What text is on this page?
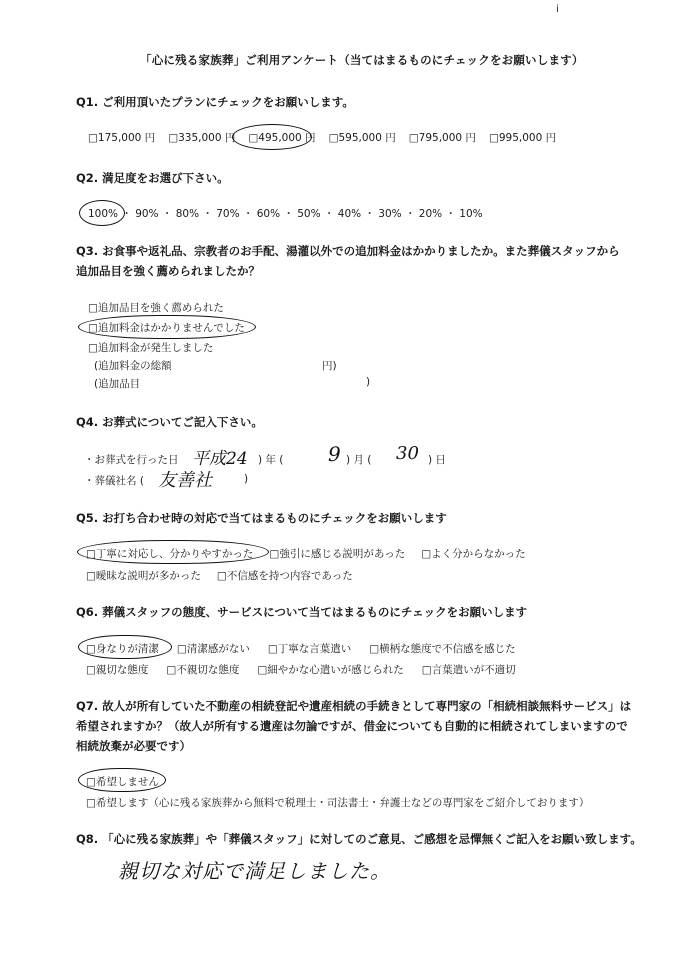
i
「心に残る家族葬」ご利用アンケート（当てはまるものにチェックをお願いします）
Q1. ご利用頂いたプランにチェックをお願いします。
□175,000 円 □335,000 円 □495,000 円 □595,000 円 □795,000 円 □995,000 円
Q2. 満足度をお選び下さい。
100% ・ 90% ・ 80% ・ 70% ・ 60% ・ 50% ・ 40% ・ 30% ・ 20% ・ 10%
Q3. お食事や返礼品、宗教者のお手配、湯灌以外での追加料金はかかりましたか。また葬儀スタッフから
追加品目を強く薦められましたか？
□追加品目を強く薦められた
□追加料金はかかりませんでした
□追加料金が発生しました
(追加料金の総額	円)
(追加品目	)
Q4. お葬式についてご記入下さい。
・お葬式を行った日 平成24 ) 年 ( 9 ) 月 ( 30 ) 日
・葬儀社名 ( 友善社	)
Q5. お打ち合わせ時の対応で当てはまるものにチェックをお願いします
□丁寧に対応し、分かりやすかった □強引に感じる説明があった □よく分からなかった
□曖昧な説明が多かった □不信感を持つ内容であった
Q6. 葬儀スタッフの態度、サービスについて当てはまるものにチェックをお願いします
□身なりが清潔 □清潔感がない □丁寧な言葉遣い □横柄な態度で不信感を感じた
□親切な態度 □不親切な態度 □細やかな心遣いが感じられた □言葉遣いが不適切
Q7. 故人が所有していた不動産の相続登記や遺産相続の手続きとして専門家の「相続相談無料サービス」は
希望されますか？（故人が所有する遺産は勿論ですが、借金についても自動的に相続されてしまいますので
相続放棄が必要です）
□希望しません
□希望します（心に残る家族葬から無料で税理士・司法書士・弁護士などの専門家をご紹介しております）
Q8. 「心に残る家族葬」や「葬儀スタッフ」に対してのご意見、ご感想を忌憚無くご記入をお願い致します。
親切な対応で満足しました。
